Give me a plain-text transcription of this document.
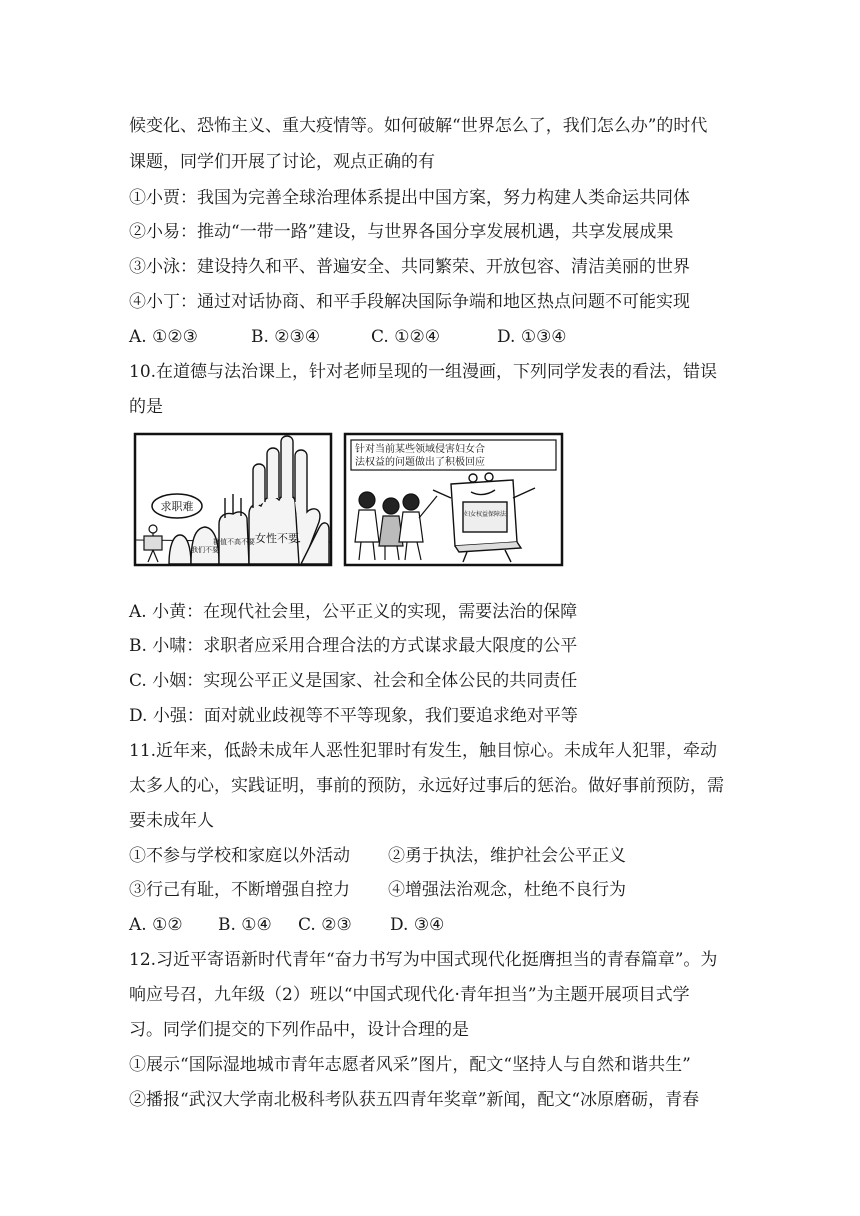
候变化、恐怖主义、重大疫情等。如何破解“世界怎么了，我们怎么办”的时代

课题，同学们开展了讨论，观点正确的有

①小贾：我国为完善全球治理体系提出中国方案，努力构建人类命运共同体

②小易：推动“一带一路”建设，与世界各国分享发展机遇，共享发展成果

③小泳：建设持久和平、普遍安全、共同繁荣、开放包容、清洁美丽的世界

④小丁：通过对话协商、和平手段解决国际争端和地区热点问题不可能实现

A. ①②③	B. ②③④	C. ①②④	D. ①③④

10.在道德与法治课上，针对老师呈现的一组漫画，下列同学发表的看法，错误

的是

求职难
我们不要
群值不高不要 女性不要
针对当前某些领域侵害妇女合
法权益的问题做出了积极回应
妇女权益保障法

A. 小黄：在现代社会里，公平正义的实现，需要法治的保障

B. 小啸：求职者应采用合理合法的方式谋求最大限度的公平

C. 小姻：实现公平正义是国家、社会和全体公民的共同责任

D. 小强：面对就业歧视等不平等现象，我们要追求绝对平等

11.近年来，低龄未成年人恶性犯罪时有发生，触目惊心。未成年人犯罪，牵动

太多人的心，实践证明，事前的预防，永远好过事后的惩治。做好事前预防，需

要未成年人

①不参与学校和家庭以外活动 ②勇于执法，维护社会公平正义

③行己有耻，不断增强自控力 ④增强法治观念，杜绝不良行为

A. ①② B. ①④ C. ②③ D. ③④

12.习近平寄语新时代青年“奋力书写为中国式现代化挺膺担当的青春篇章”。为

响应号召，九年级（2）班以“中国式现代化·青年担当”为主题开展项目式学

习。同学们提交的下列作品中，设计合理的是

①展示“国际湿地城市青年志愿者风采”图片，配文“坚持人与自然和谐共生”

②播报“武汉大学南北极科考队获五四青年奖章”新闻，配文“冰原磨砺，青春
